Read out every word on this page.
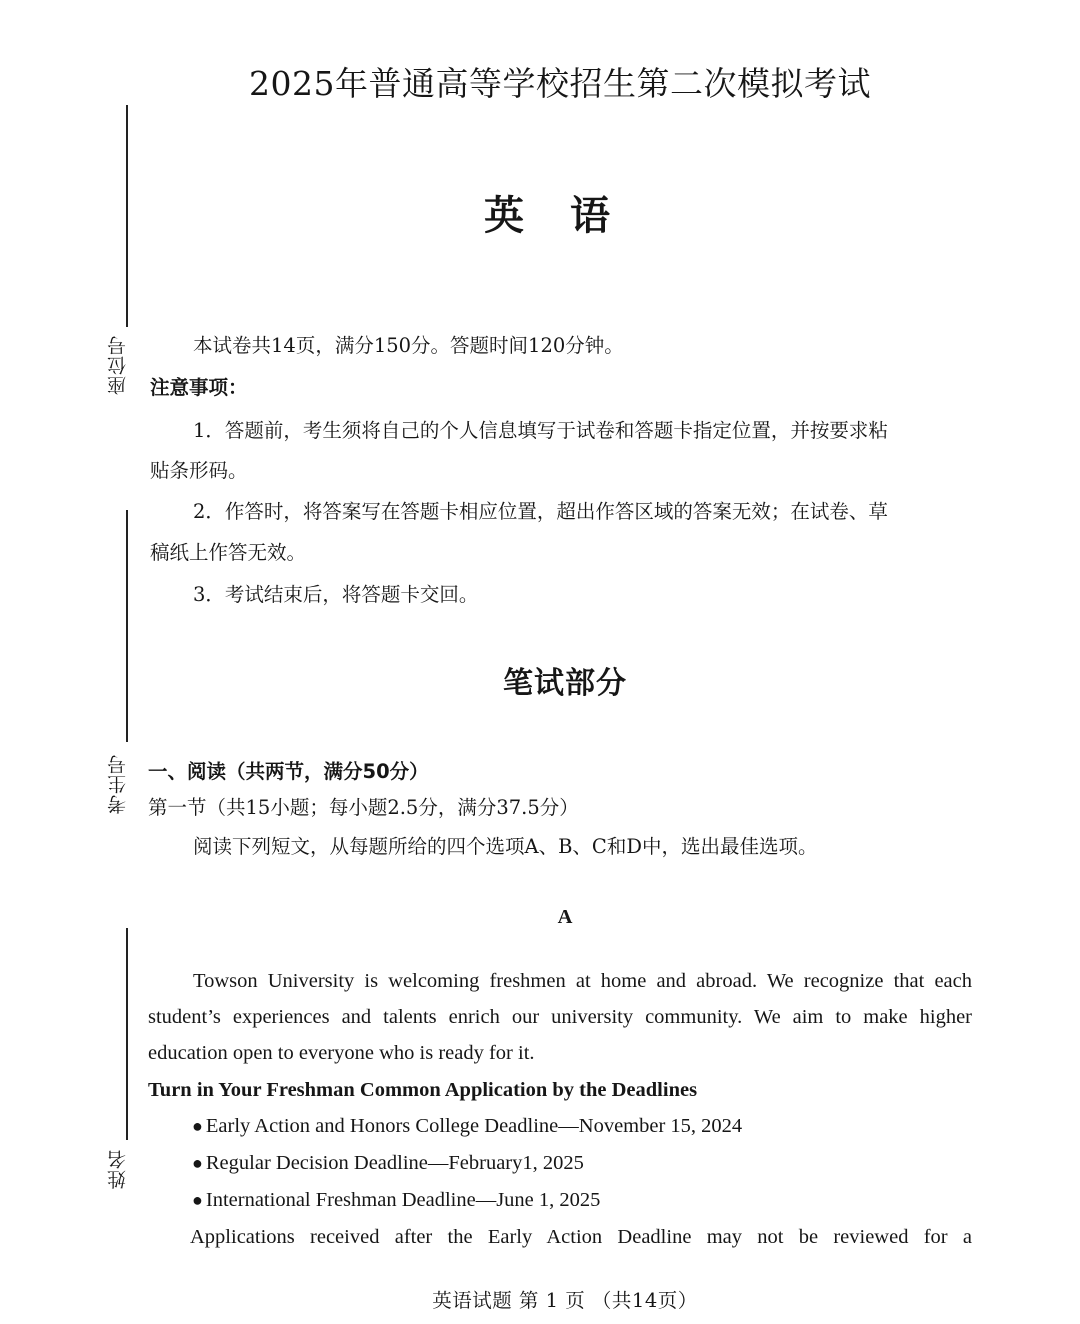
座位号
考生号
姓名
2025年普通高等学校招生第二次模拟考试
英语
本试卷共14页，满分150分。答题时间120分钟。
注意事项：
1．答题前，考生须将自己的个人信息填写于试卷和答题卡指定位置，并按要求粘
贴条形码。
2．作答时，将答案写在答题卡相应位置，超出作答区域的答案无效；在试卷、草
稿纸上作答无效。
3．考试结束后，将答题卡交回。
笔试部分
一、阅读（共两节，满分50分）
第一节（共15小题；每小题2.5分，满分37.5分）
阅读下列短文，从每题所给的四个选项A、B、C和D中，选出最佳选项。
A
Towson University is welcoming freshmen at home and abroad. We recognize that each
student’s experiences and talents enrich our university community. We aim to make higher
education open to everyone who is ready for it.
Turn in Your Freshman Common Application by the Deadlines
● Early Action and Honors College Deadline—November 15, 2024
● Regular Decision Deadline—February1, 2025
● International Freshman Deadline—June 1, 2025
Applications received after the Early Action Deadline may not be reviewed for a
英语试题 第 1 页 （共14页）
